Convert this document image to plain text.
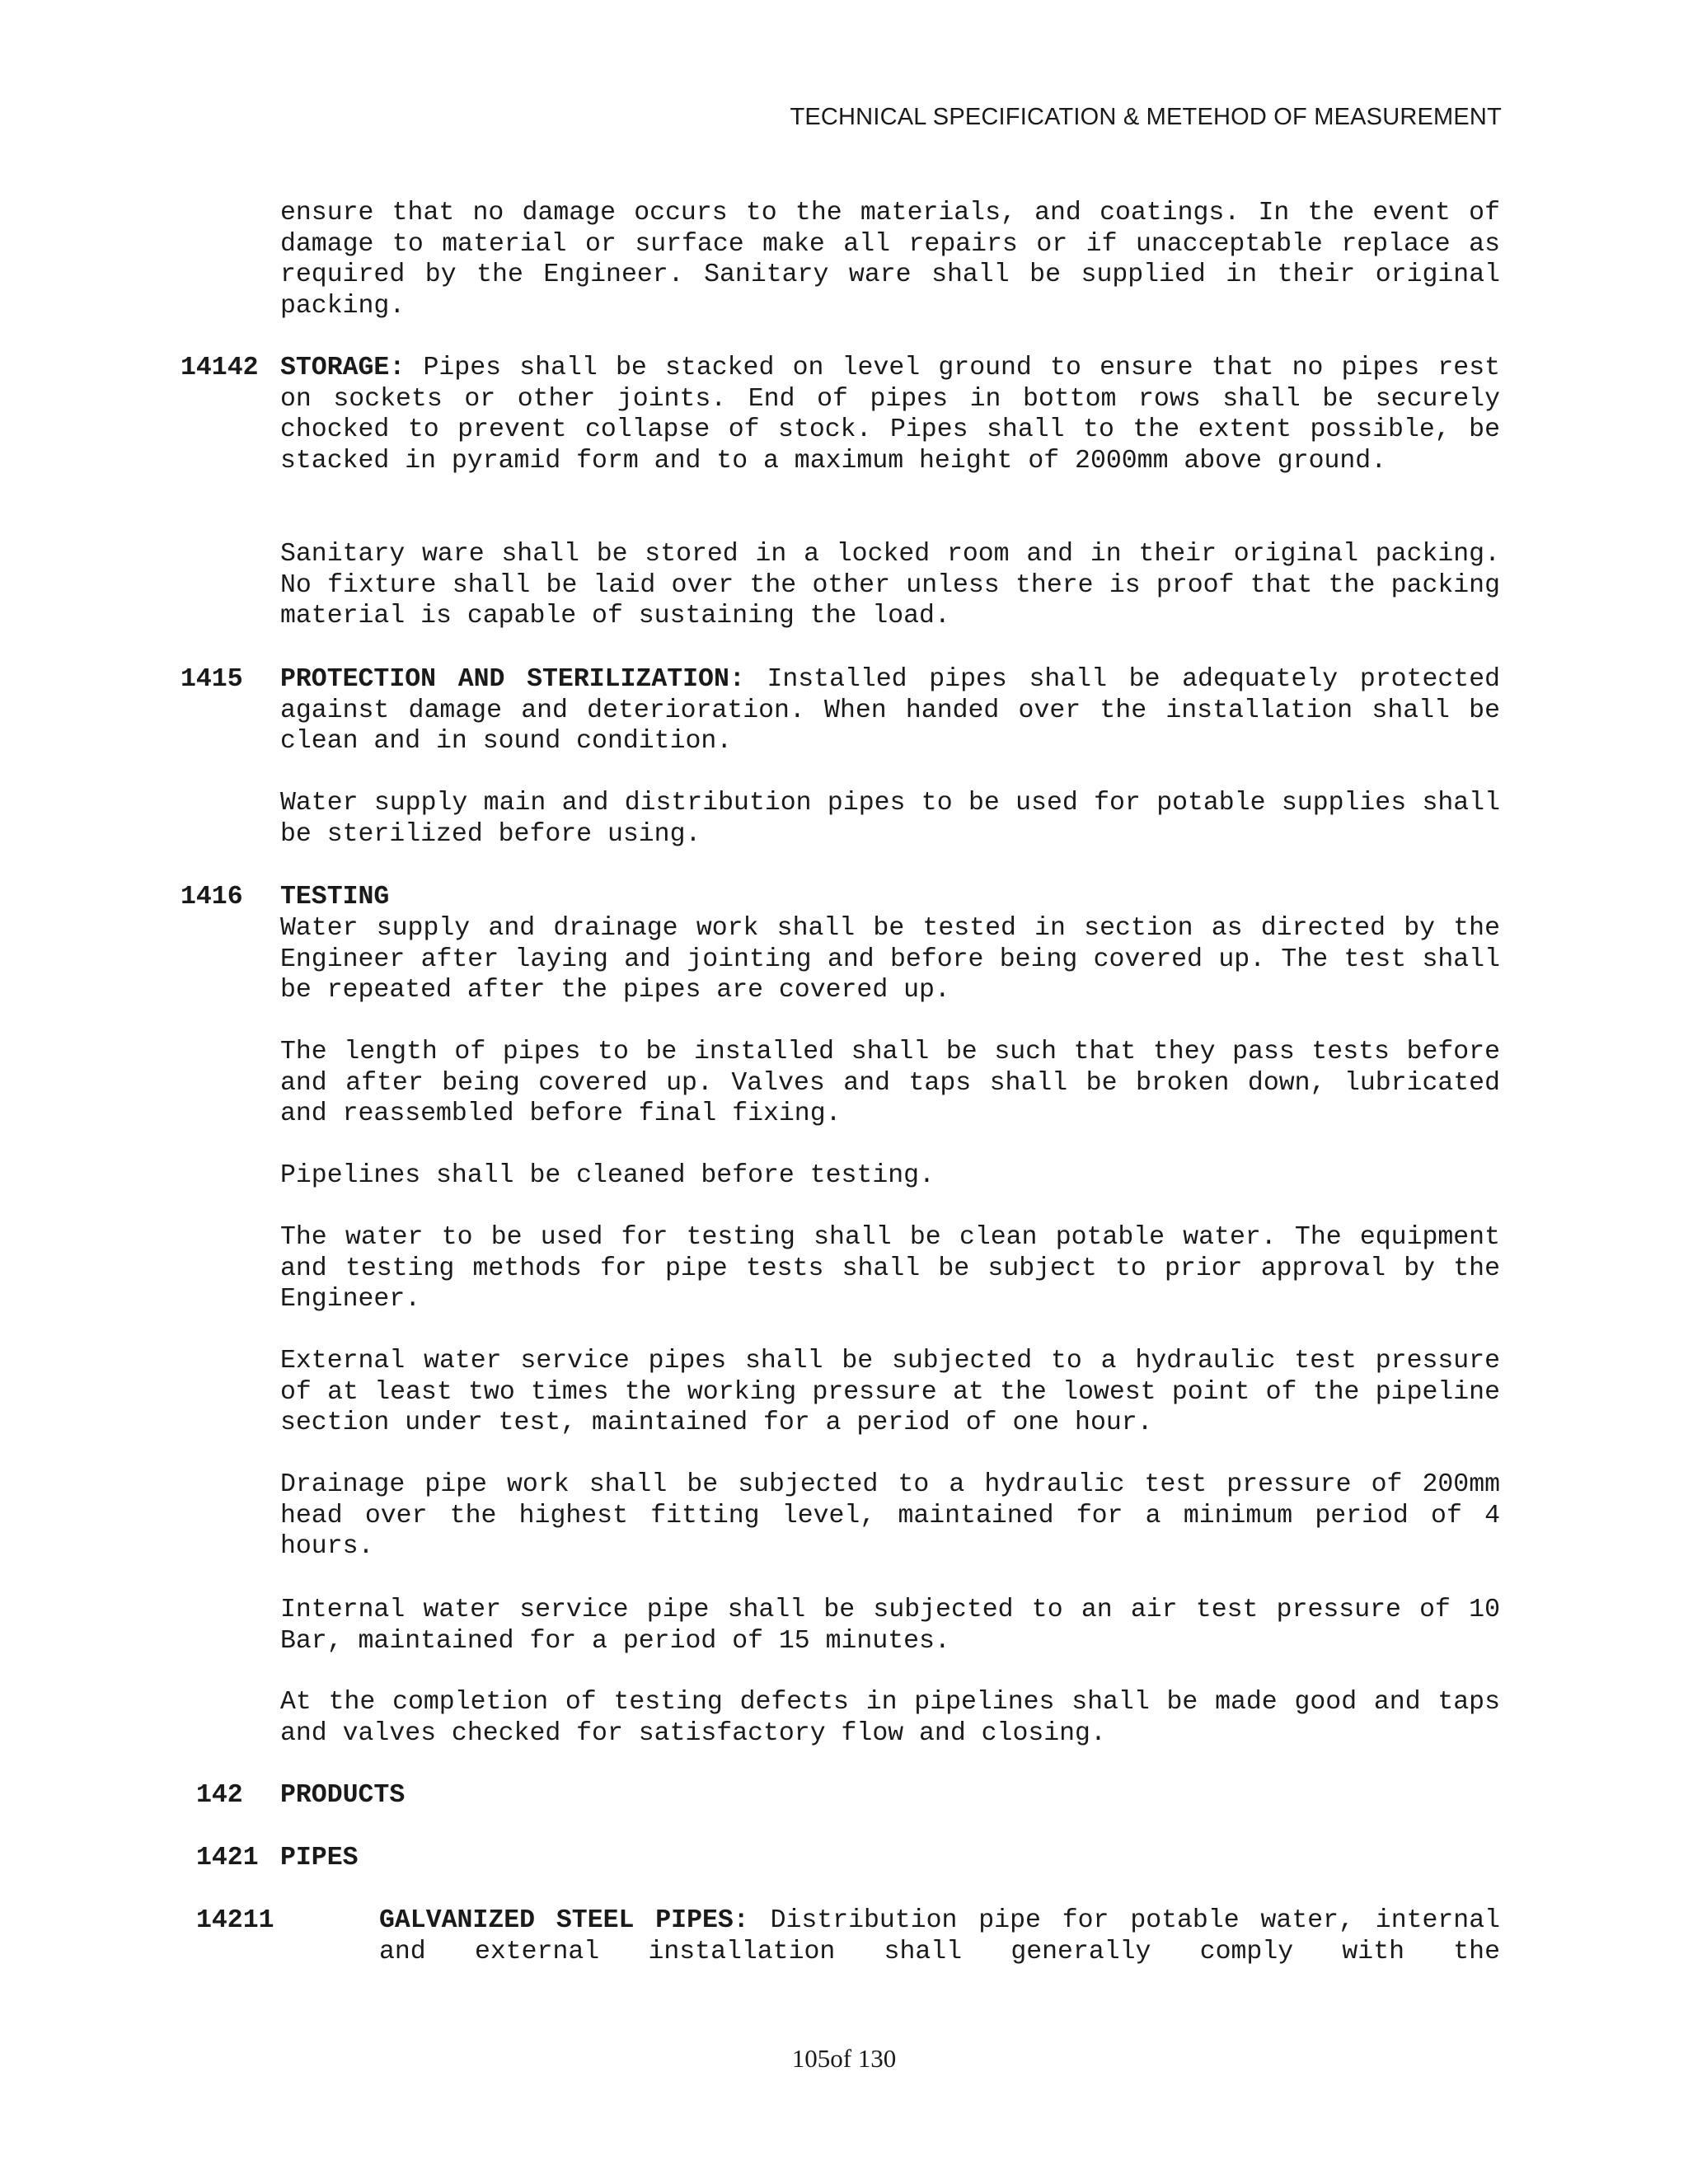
TECHNICAL SPECIFICATION & METEHOD OF MEASUREMENT

ensure that no damage occurs to the materials, and coatings. In the event of damage to material or surface make all repairs or if unacceptable replace as required by the Engineer. Sanitary ware shall be supplied in their original packing.

14142 STORAGE: Pipes shall be stacked on level ground to ensure that no pipes rest on sockets or other joints. End of pipes in bottom rows shall be securely chocked to prevent collapse of stock. Pipes shall to the extent possible, be stacked in pyramid form and to a maximum height of 2000mm above ground.

Sanitary ware shall be stored in a locked room and in their original packing. No fixture shall be laid over the other unless there is proof that the packing material is capable of sustaining the load.

1415 PROTECTION AND STERILIZATION: Installed pipes shall be adequately protected against damage and deterioration. When handed over the installation shall be clean and in sound condition.

Water supply main and distribution pipes to be used for potable supplies shall be sterilized before using.

1416 TESTING

Water supply and drainage work shall be tested in section as directed by the Engineer after laying and jointing and before being covered up. The test shall be repeated after the pipes are covered up.

The length of pipes to be installed shall be such that they pass tests before and after being covered up. Valves and taps shall be broken down, lubricated and reassembled before final fixing.

Pipelines shall be cleaned before testing.

The water to be used for testing shall be clean potable water. The equipment and testing methods for pipe tests shall be subject to prior approval by the Engineer.

External water service pipes shall be subjected to a hydraulic test pressure of at least two times the working pressure at the lowest point of the pipeline section under test, maintained for a period of one hour.

Drainage pipe work shall be subjected to a hydraulic test pressure of 200mm head over the highest fitting level, maintained for a minimum period of 4 hours.

Internal water service pipe shall be subjected to an air test pressure of 10 Bar, maintained for a period of 15 minutes.

At the completion of testing defects in pipelines shall be made good and taps and valves checked for satisfactory flow and closing.

142 PRODUCTS
1421 PIPES
14211	GALVANIZED STEEL PIPES: Distribution pipe for potable water, internal and external installation shall generally comply with the

105of 130
